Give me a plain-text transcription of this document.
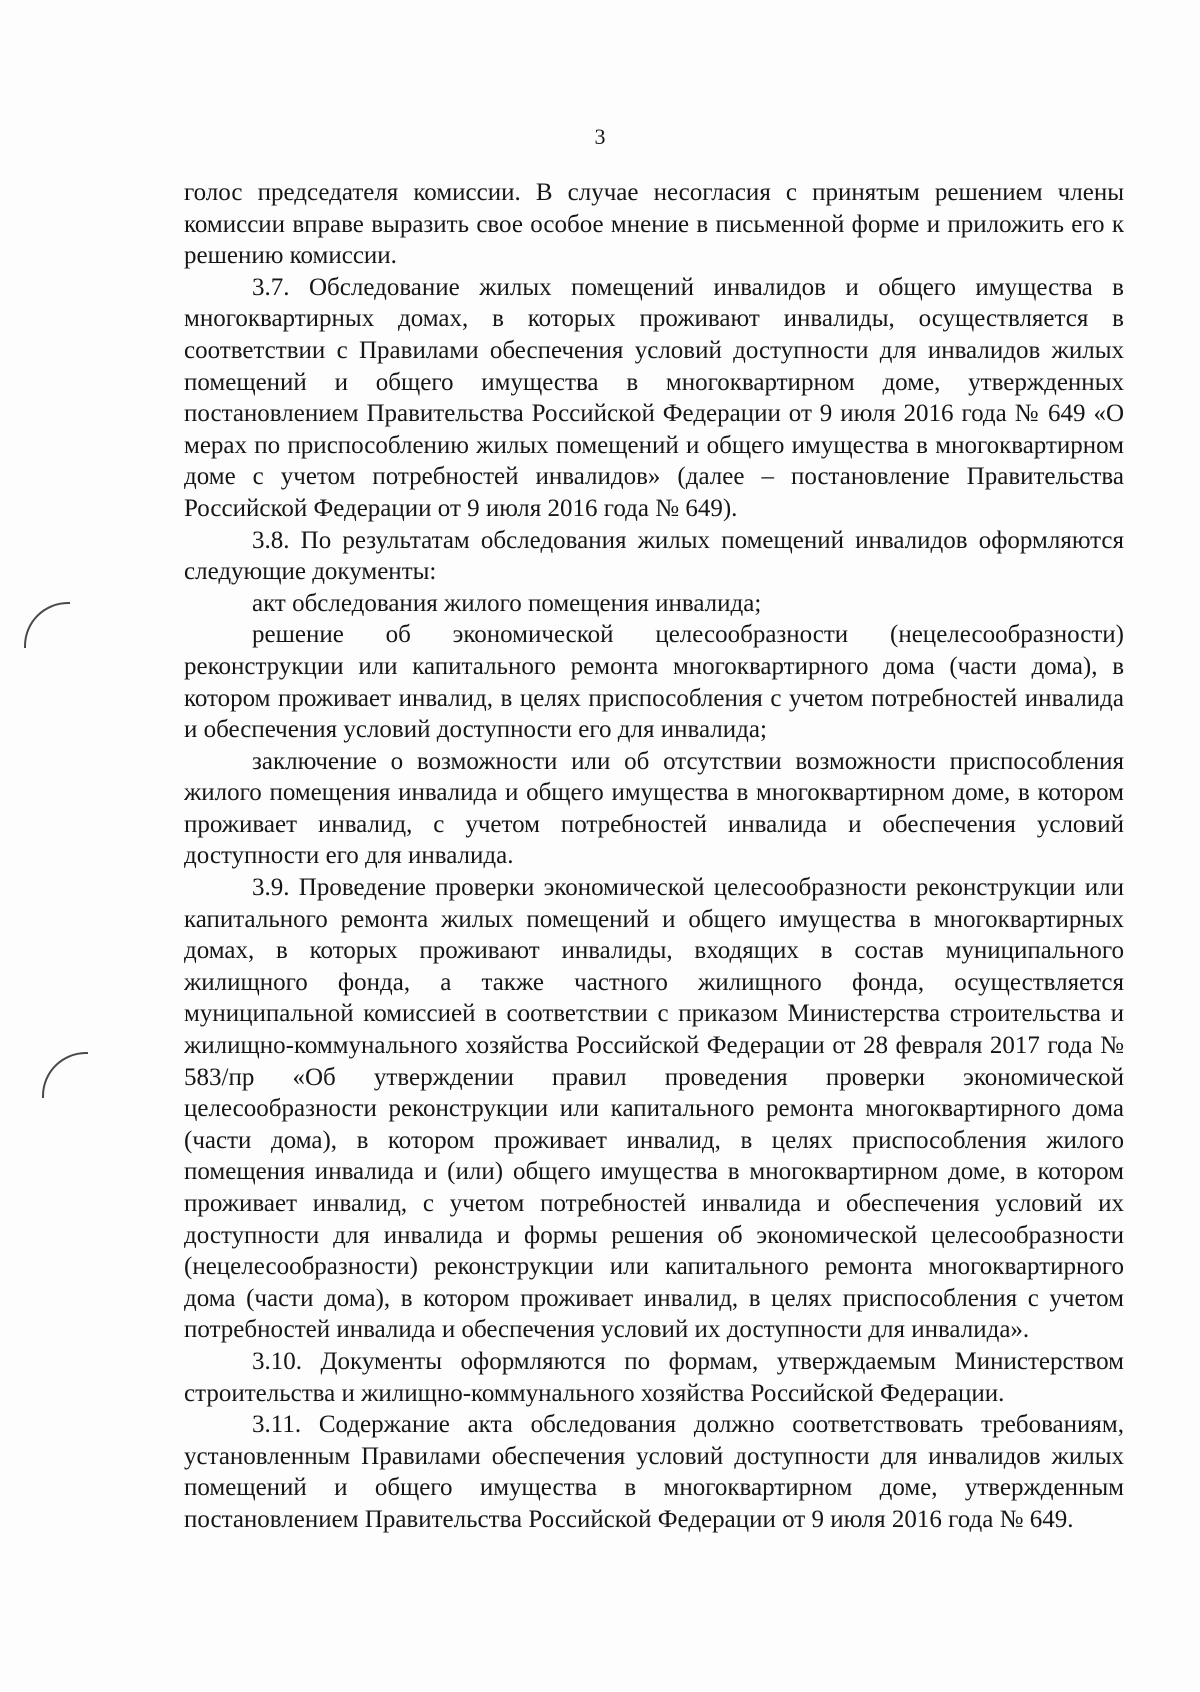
3

голос председателя комиссии. В случае несогласия с принятым решением члены комиссии вправе выразить свое особое мнение в письменной форме и приложить его к решению комиссии.

3.7. Обследование жилых помещений инвалидов и общего имущества в многоквартирных домах, в которых проживают инвалиды, осуществляется в соответствии с Правилами обеспечения условий доступности для инвалидов жилых помещений и общего имущества в многоквартирном доме, утвержденных постановлением Правительства Российской Федерации от 9 июля 2016 года № 649 «О мерах по приспособлению жилых помещений и общего имущества в многоквартирном доме с учетом потребностей инвалидов» (далее – постановление Правительства Российской Федерации от 9 июля 2016 года № 649).

3.8. По результатам обследования жилых помещений инвалидов оформляются следующие документы:

акт обследования жилого помещения инвалида;

решение об экономической целесообразности (нецелесообразности) реконструкции или капитального ремонта многоквартирного дома (части дома), в котором проживает инвалид, в целях приспособления с учетом потребностей инвалида и обеспечения условий доступности его для инвалида;

заключение о возможности или об отсутствии возможности приспособления жилого помещения инвалида и общего имущества в многоквартирном доме, в котором проживает инвалид, с учетом потребностей инвалида и обеспечения условий доступности его для инвалида.

3.9. Проведение проверки экономической целесообразности реконструкции или капитального ремонта жилых помещений и общего имущества в многоквартирных домах, в которых проживают инвалиды, входящих в состав муниципального жилищного фонда, а также частного жилищного фонда, осуществляется муниципальной комиссией в соответствии с приказом Министерства строительства и жилищно-коммунального хозяйства Российской Федерации от 28 февраля 2017 года № 583/пр «Об утверждении правил проведения проверки экономической целесообразности реконструкции или капитального ремонта многоквартирного дома (части дома), в котором проживает инвалид, в целях приспособления жилого помещения инвалида и (или) общего имущества в многоквартирном доме, в котором проживает инвалид, с учетом потребностей инвалида и обеспечения условий их доступности для инвалида и формы решения об экономической целесообразности (нецелесообразности) реконструкции или капитального ремонта многоквартирного дома (части дома), в котором проживает инвалид, в целях приспособления с учетом потребностей инвалида и обеспечения условий их доступности для инвалида».

3.10. Документы оформляются по формам, утверждаемым Министерством строительства и жилищно-коммунального хозяйства Российской Федерации.

3.11. Содержание акта обследования должно соответствовать требованиям, установленным Правилами обеспечения условий доступности для инвалидов жилых помещений и общего имущества в многоквартирном доме, утвержденным постановлением Правительства Российской Федерации от 9 июля 2016 года № 649.
